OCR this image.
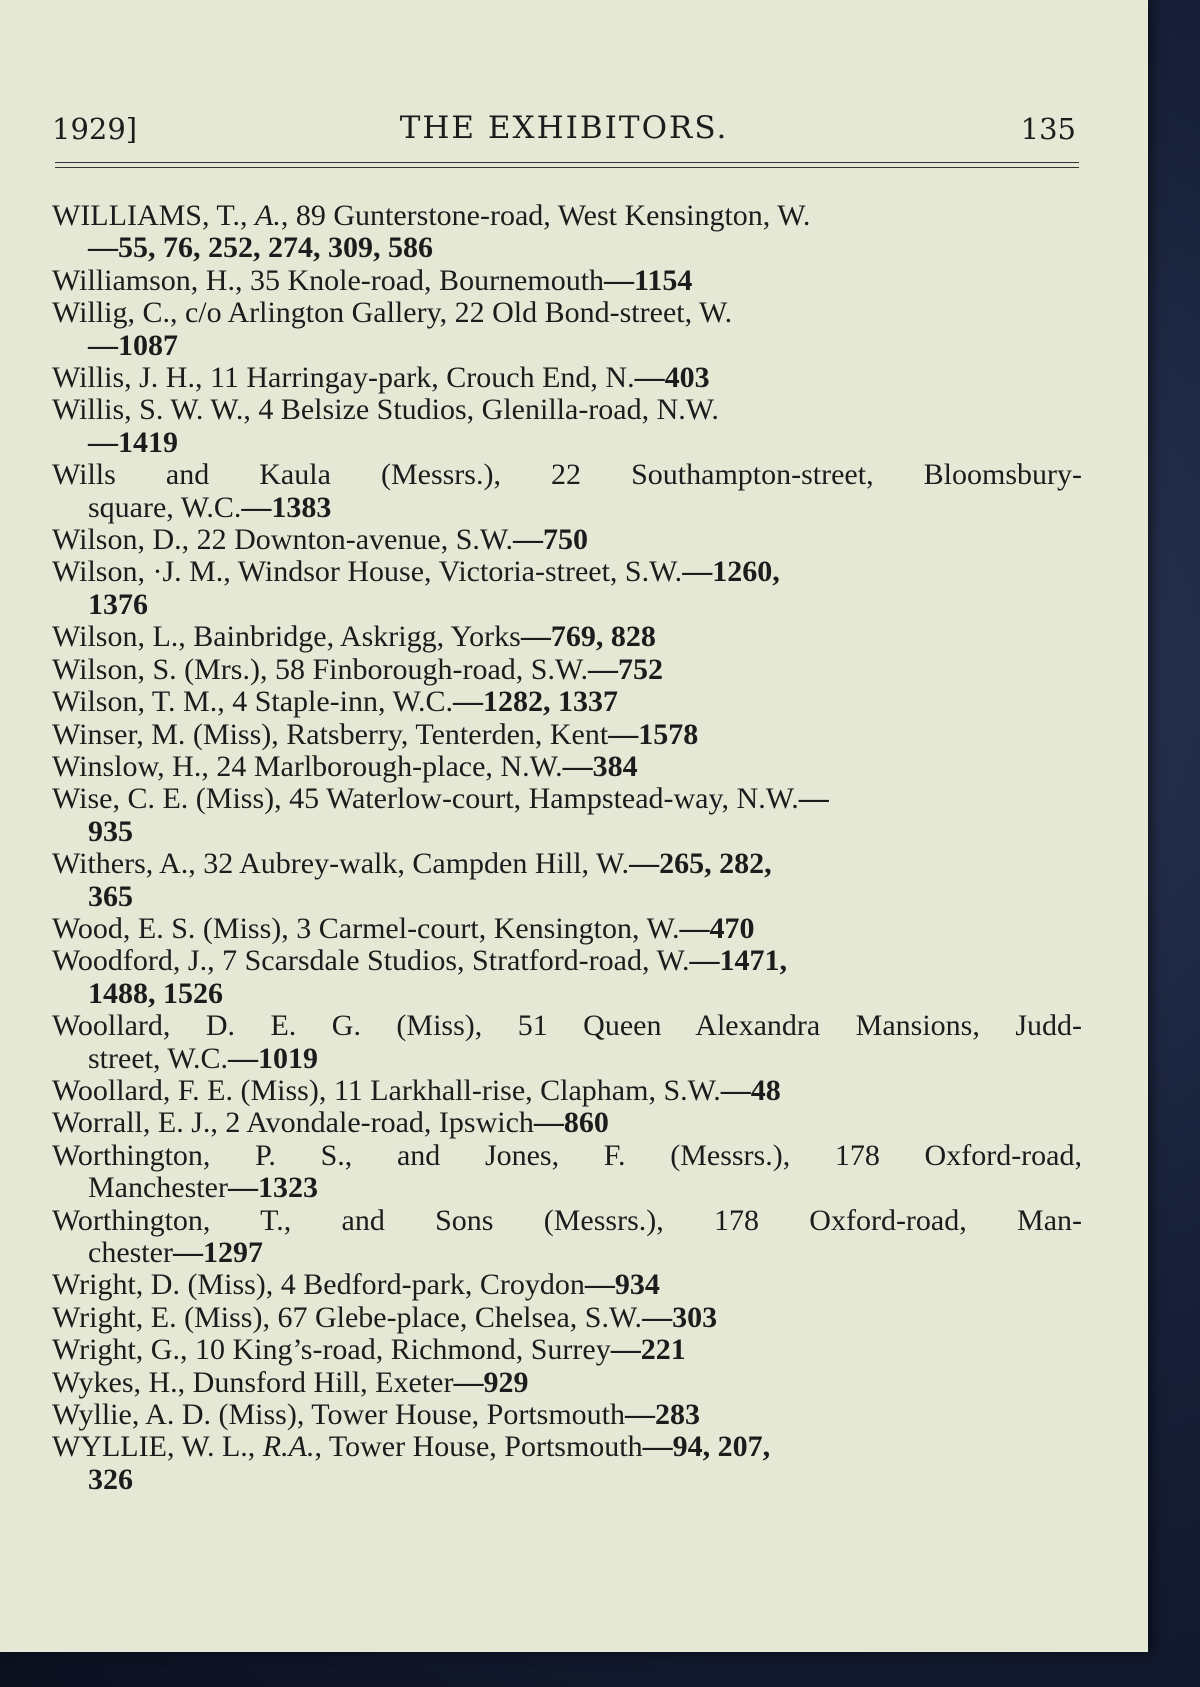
1929]	THE EXHIBITORS.	135
WILLIAMS, T., A., 89 Gunterstone-road, West Kensington, W.
—55, 76, 252, 274, 309, 586
Williamson, H., 35 Knole-road, Bournemouth—1154
Willig, C., c/o Arlington Gallery, 22 Old Bond-street, W.
—1087
Willis, J. H., 11 Harringay-park, Crouch End, N.—403
Willis, S. W. W., 4 Belsize Studios, Glenilla-road, N.W.
—1419
Wills and Kaula (Messrs.), 22 Southampton-street, Bloomsbury-
square, W.C.—1383
Wilson, D., 22 Downton-avenue, S.W.—750
Wilson, ·J. M., Windsor House, Victoria-street, S.W.—1260,
1376
Wilson, L., Bainbridge, Askrigg, Yorks—769, 828
Wilson, S. (Mrs.), 58 Finborough-road, S.W.—752
Wilson, T. M., 4 Staple-inn, W.C.—1282, 1337
Winser, M. (Miss), Ratsberry, Tenterden, Kent—1578
Winslow, H., 24 Marlborough-place, N.W.—384
Wise, C. E. (Miss), 45 Waterlow-court, Hampstead-way, N.W.—
935
Withers, A., 32 Aubrey-walk, Campden Hill, W.—265, 282,
365
Wood, E. S. (Miss), 3 Carmel-court, Kensington, W.—470
Woodford, J., 7 Scarsdale Studios, Stratford-road, W.—1471,
1488, 1526
Woollard, D. E. G. (Miss), 51 Queen Alexandra Mansions, Judd-
street, W.C.—1019
Woollard, F. E. (Miss), 11 Larkhall-rise, Clapham, S.W.—48
Worrall, E. J., 2 Avondale-road, Ipswich—860
Worthington, P. S., and Jones, F. (Messrs.), 178 Oxford-road,
Manchester—1323
Worthington, T., and Sons (Messrs.), 178 Oxford-road, Man-
chester—1297
Wright, D. (Miss), 4 Bedford-park, Croydon—934
Wright, E. (Miss), 67 Glebe-place, Chelsea, S.W.—303
Wright, G., 10 King’s-road, Richmond, Surrey—221
Wykes, H., Dunsford Hill, Exeter—929
Wyllie, A. D. (Miss), Tower House, Portsmouth—283
WYLLIE, W. L., R.A., Tower House, Portsmouth—94, 207,
326
